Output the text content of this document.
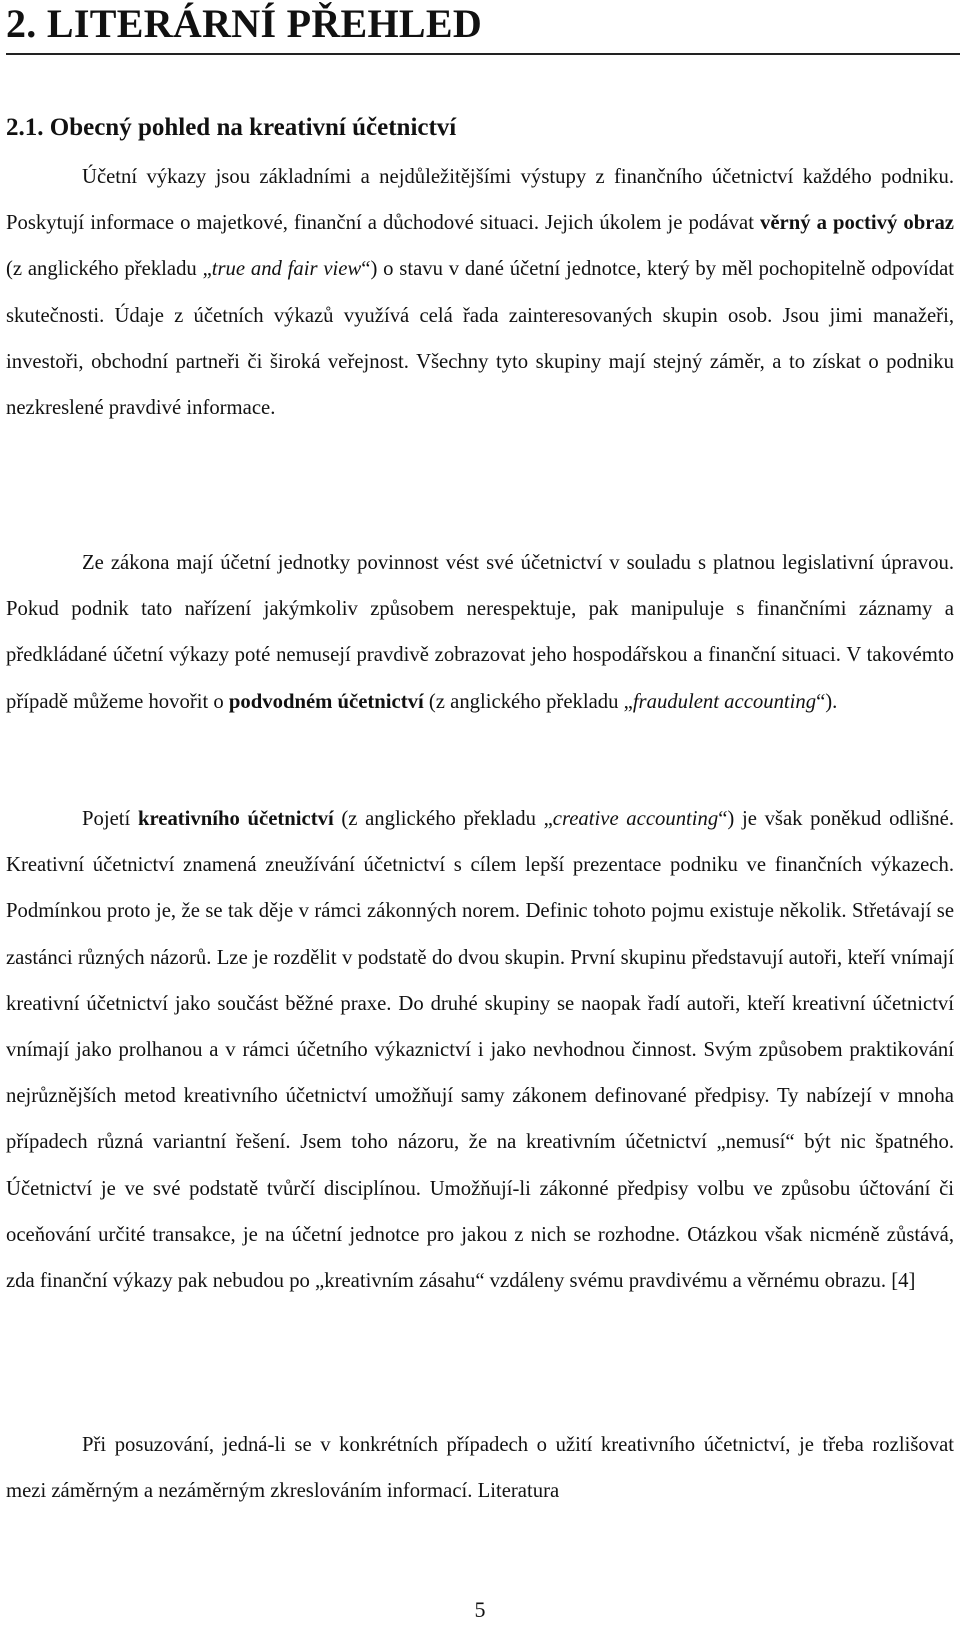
2. LITERÁRNÍ PŘEHLED
2.1. Obecný pohled na kreativní účetnictví

Účetní výkazy jsou základními a nejdůležitějšími výstupy z finančního účetnictví každého podniku. Poskytují informace o majetkové, finanční a důchodové situaci. Jejich úkolem je podávat věrný a poctivý obraz (z anglického překladu „true and fair view“) o stavu v dané účetní jednotce, který by měl pochopitelně odpovídat skutečnosti. Údaje z účetních výkazů využívá celá řada zainteresovaných skupin osob. Jsou jimi manažeři, investoři, obchodní partneři či široká veřejnost. Všechny tyto skupiny mají stejný záměr, a to získat o podniku nezkreslené pravdivé informace.

Ze zákona mají účetní jednotky povinnost vést své účetnictví v souladu s platnou legislativní úpravou. Pokud podnik tato nařízení jakýmkoliv způsobem nerespektuje, pak manipuluje s finančními záznamy a předkládané účetní výkazy poté nemusejí pravdivě zobrazovat jeho hospodářskou a finanční situaci. V takovémto případě můžeme hovořit o podvodném účetnictví (z anglického překladu „fraudulent accounting“).

Pojetí kreativního účetnictví (z anglického překladu „creative accounting“) je však poněkud odlišné. Kreativní účetnictví znamená zneužívání účetnictví s cílem lepší prezentace podniku ve finančních výkazech. Podmínkou proto je, že se tak děje v rámci zákonných norem. Definic tohoto pojmu existuje několik. Střetávají se zastánci různých názorů. Lze je rozdělit v podstatě do dvou skupin. První skupinu představují autoři, kteří vnímají kreativní účetnictví jako součást běžné praxe. Do druhé skupiny se naopak řadí autoři, kteří kreativní účetnictví vnímají jako prolhanou a v rámci účetního výkaznictví i jako nevhodnou činnost. Svým způsobem praktikování nejrůznějších metod kreativního účetnictví umožňují samy zákonem definované předpisy. Ty nabízejí v mnoha případech různá variantní řešení. Jsem toho názoru, že na kreativním účetnictví „nemusí“ být nic špatného. Účetnictví je ve své podstatě tvůrčí disciplínou. Umožňují-li zákonné předpisy volbu ve způsobu účtování či oceňování určité transakce, je na účetní jednotce pro jakou z nich se rozhodne. Otázkou však nicméně zůstává, zda finanční výkazy pak nebudou po „kreativním zásahu“ vzdáleny svému pravdivému a věrnému obrazu. [4]

Při posuzování, jedná-li se v konkrétních případech o užití kreativního účetnictví, je třeba rozlišovat mezi záměrným a nezáměrným zkreslováním informací. Literatura

5
